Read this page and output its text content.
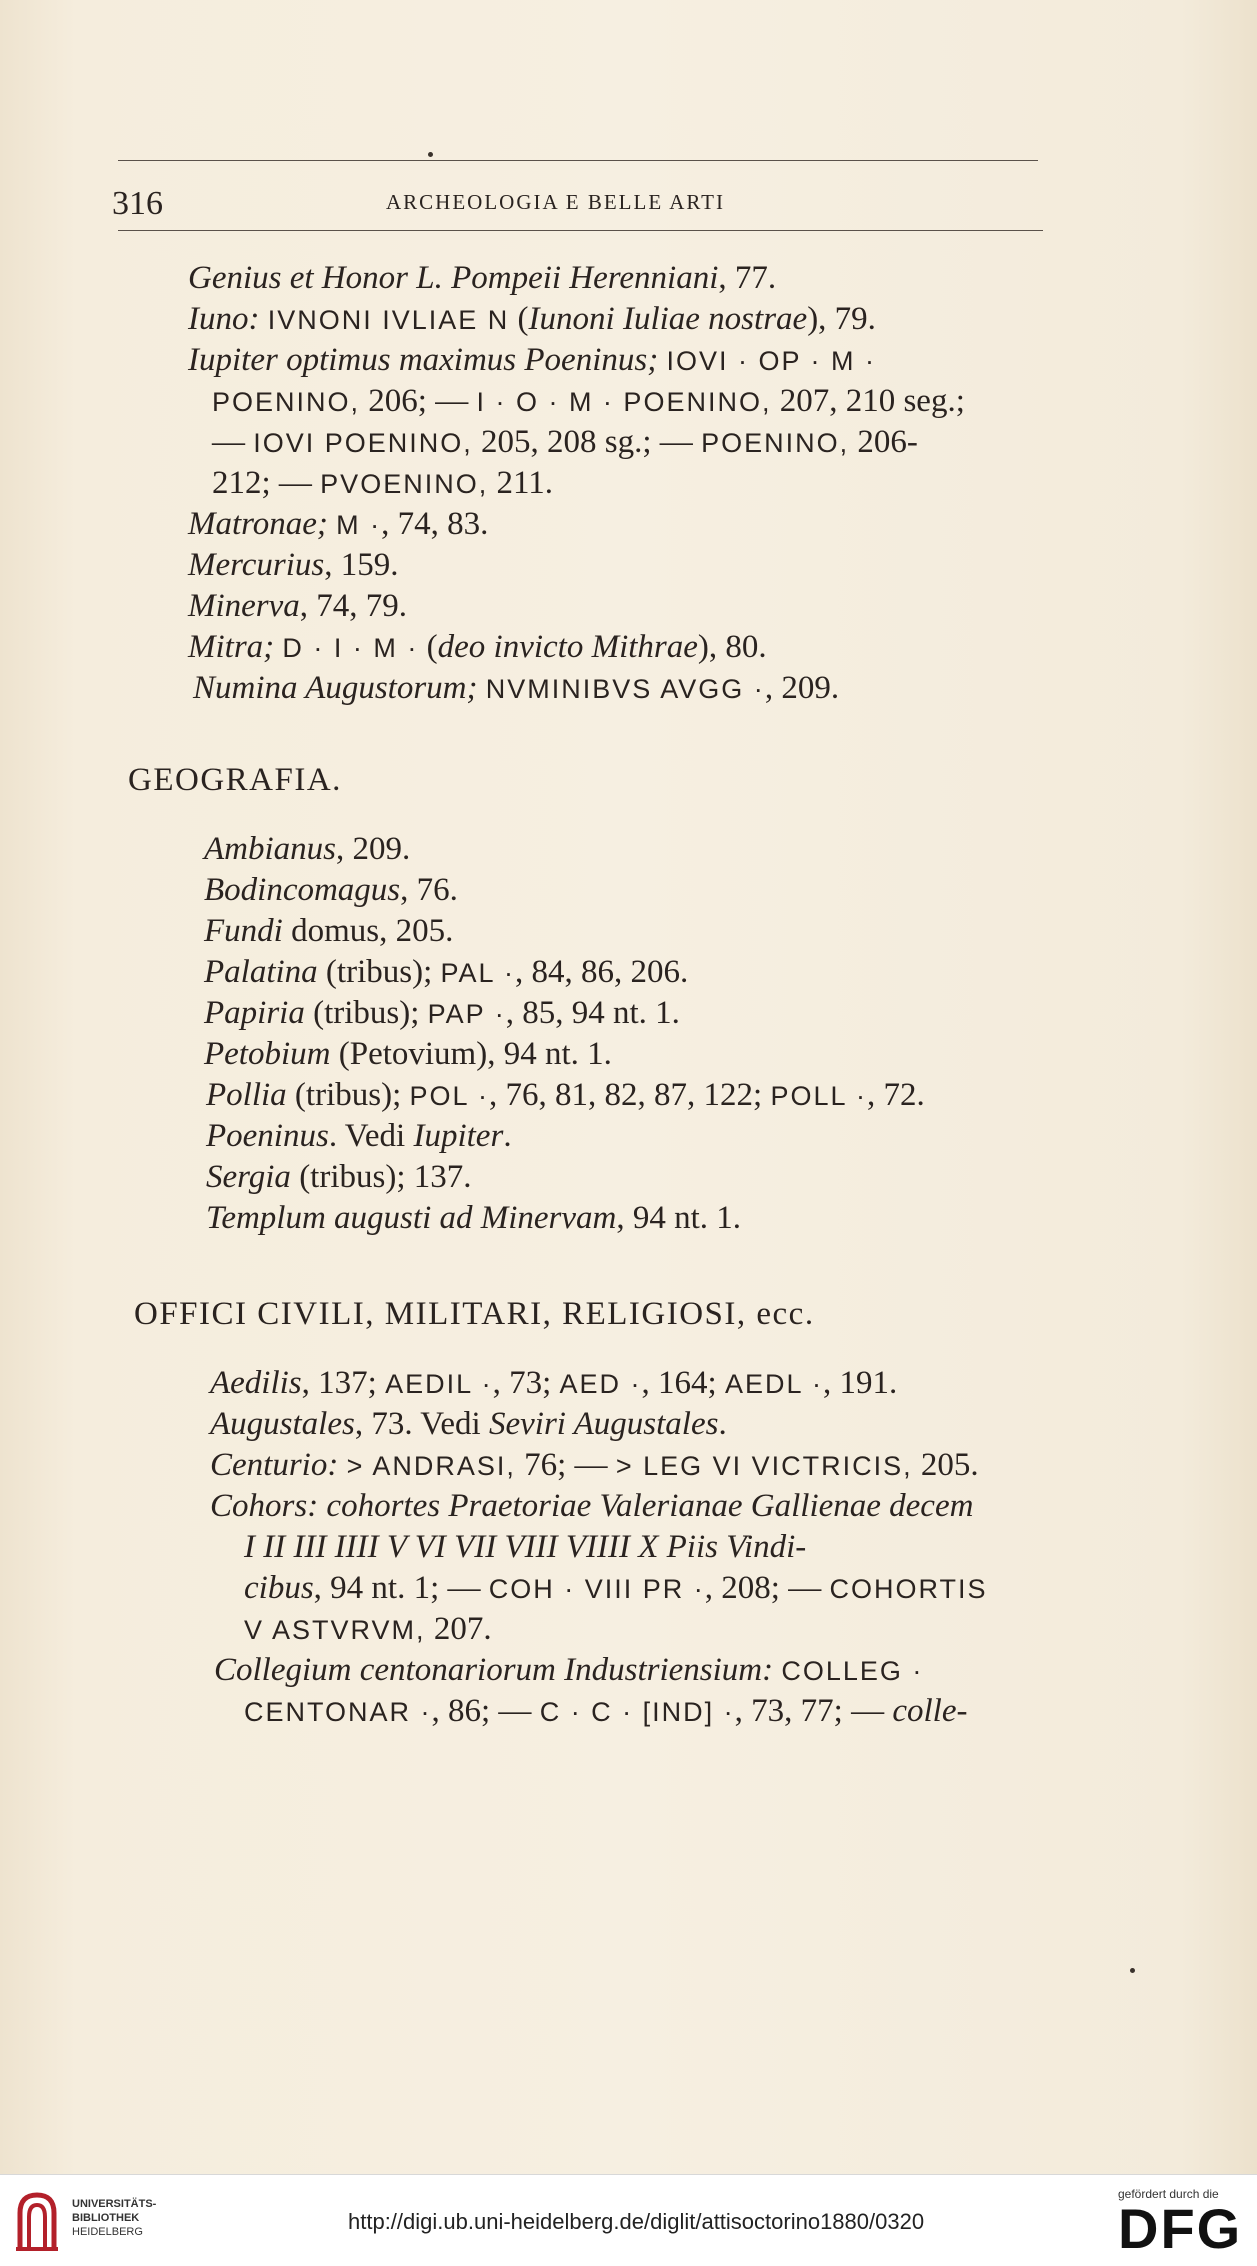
316	ARCHEOLOGIA E BELLE ARTI
Genius et Honor L. Pompeii Herenniani, 77.
Iuno: IVNONI IVLIAE N (Iunoni Iuliae nostrae), 79.
Iupiter optimus maximus Poeninus; IOVI · OP · M ·
POENINO, 206; — I · O · M · POENINO, 207, 210 seg.;
— IOVI POENINO, 205, 208 sg.; — POENINO, 206-
212; — PVOENINO, 211.
Matronae; M ·, 74, 83.
Mercurius, 159.
Minerva, 74, 79.
Mitra; D · I · M · (deo invicto Mithrae), 80.
Numina Augustorum; NVMINIBVS AVGG ·, 209.
GEOGRAFIA.
Ambianus, 209.
Bodincomagus, 76.
Fundi domus, 205.
Palatina (tribus); PAL ·, 84, 86, 206.
Papiria (tribus); PAP ·, 85, 94 nt. 1.
Petobium (Petovium), 94 nt. 1.
Pollia (tribus); POL ·, 76, 81, 82, 87, 122; POLL ·, 72.
Poeninus. Vedi Iupiter.
Sergia (tribus); 137.
Templum augusti ad Minervam, 94 nt. 1.
OFFICI CIVILI, MILITARI, RELIGIOSI, ecc.
Aedilis, 137; AEDIL ·, 73; AED ·, 164; AEDL ·, 191.
Augustales, 73. Vedi Seviri Augustales.
Centurio: > ANDRASI, 76; — > LEG VI VICTRICIS, 205.
Cohors: cohortes Praetoriae Valerianae Gallienae decem
I II III IIII V VI VII VIII VIIII X Piis Vindi-
cibus, 94 nt. 1; — COH · VIII PR ·, 208; — COHORTIS
V ASTVRVM, 207.
Collegium centonariorum Industriensium: COLLEG ·
CENTONAR ·, 86; — C · C · [IND] ·, 73, 77; — colle-
UNIVERSITÄTS-
BIBLIOTHEK
HEIDELBERG	http://digi.ub.uni-heidelberg.de/diglit/attisoctorino1880/0320
gefördert durch die
DFG
